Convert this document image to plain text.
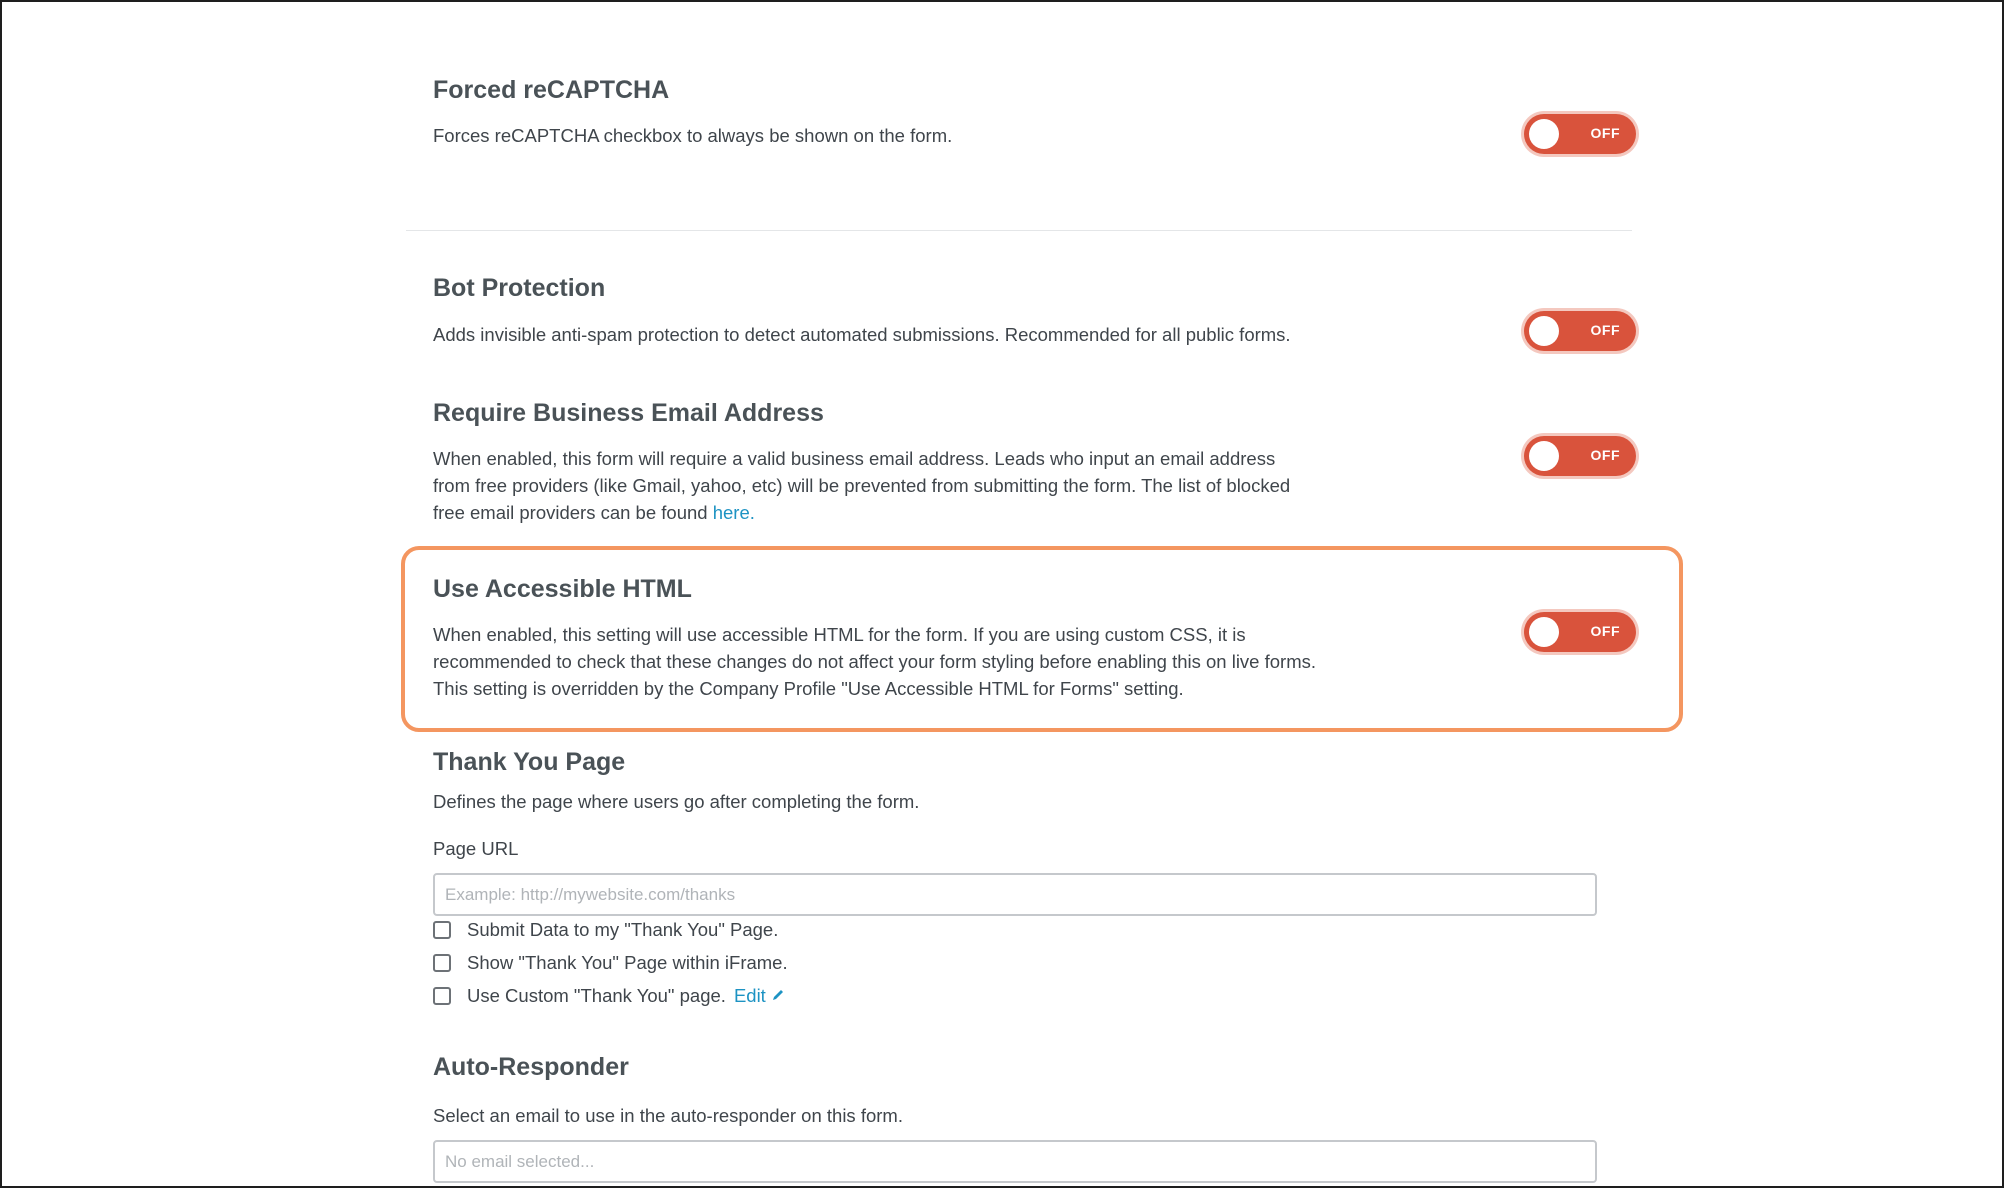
Forced reCAPTCHA
Forces reCAPTCHA checkbox to always be shown on the form.	OFF
Bot Protection
Adds invisible anti-spam protection to detect automated submissions. Recommended for all public forms.	OFF
Require Business Email Address
When enabled, this form will require a valid business email address. Leads who input an email address from free providers (like Gmail, yahoo, etc) will be prevented from submitting the form. The list of blocked free email providers can be found here.
OFF
Use Accessible HTML
When enabled, this setting will use accessible HTML for the form. If you are using custom CSS, it is recommended to check that these changes do not affect your form styling before enabling this on live forms. This setting is overridden by the Company Profile "Use Accessible HTML for Forms" setting.
OFF
Thank You Page
Defines the page where users go after completing the form.
Page URL
Example: http://mywebsite.com/thanks
Submit Data to my "Thank You" Page.
Show "Thank You" Page within iFrame.
Use Custom "Thank You" page. Edit
Auto-Responder
Select an email to use in the auto-responder on this form.
No email selected...
